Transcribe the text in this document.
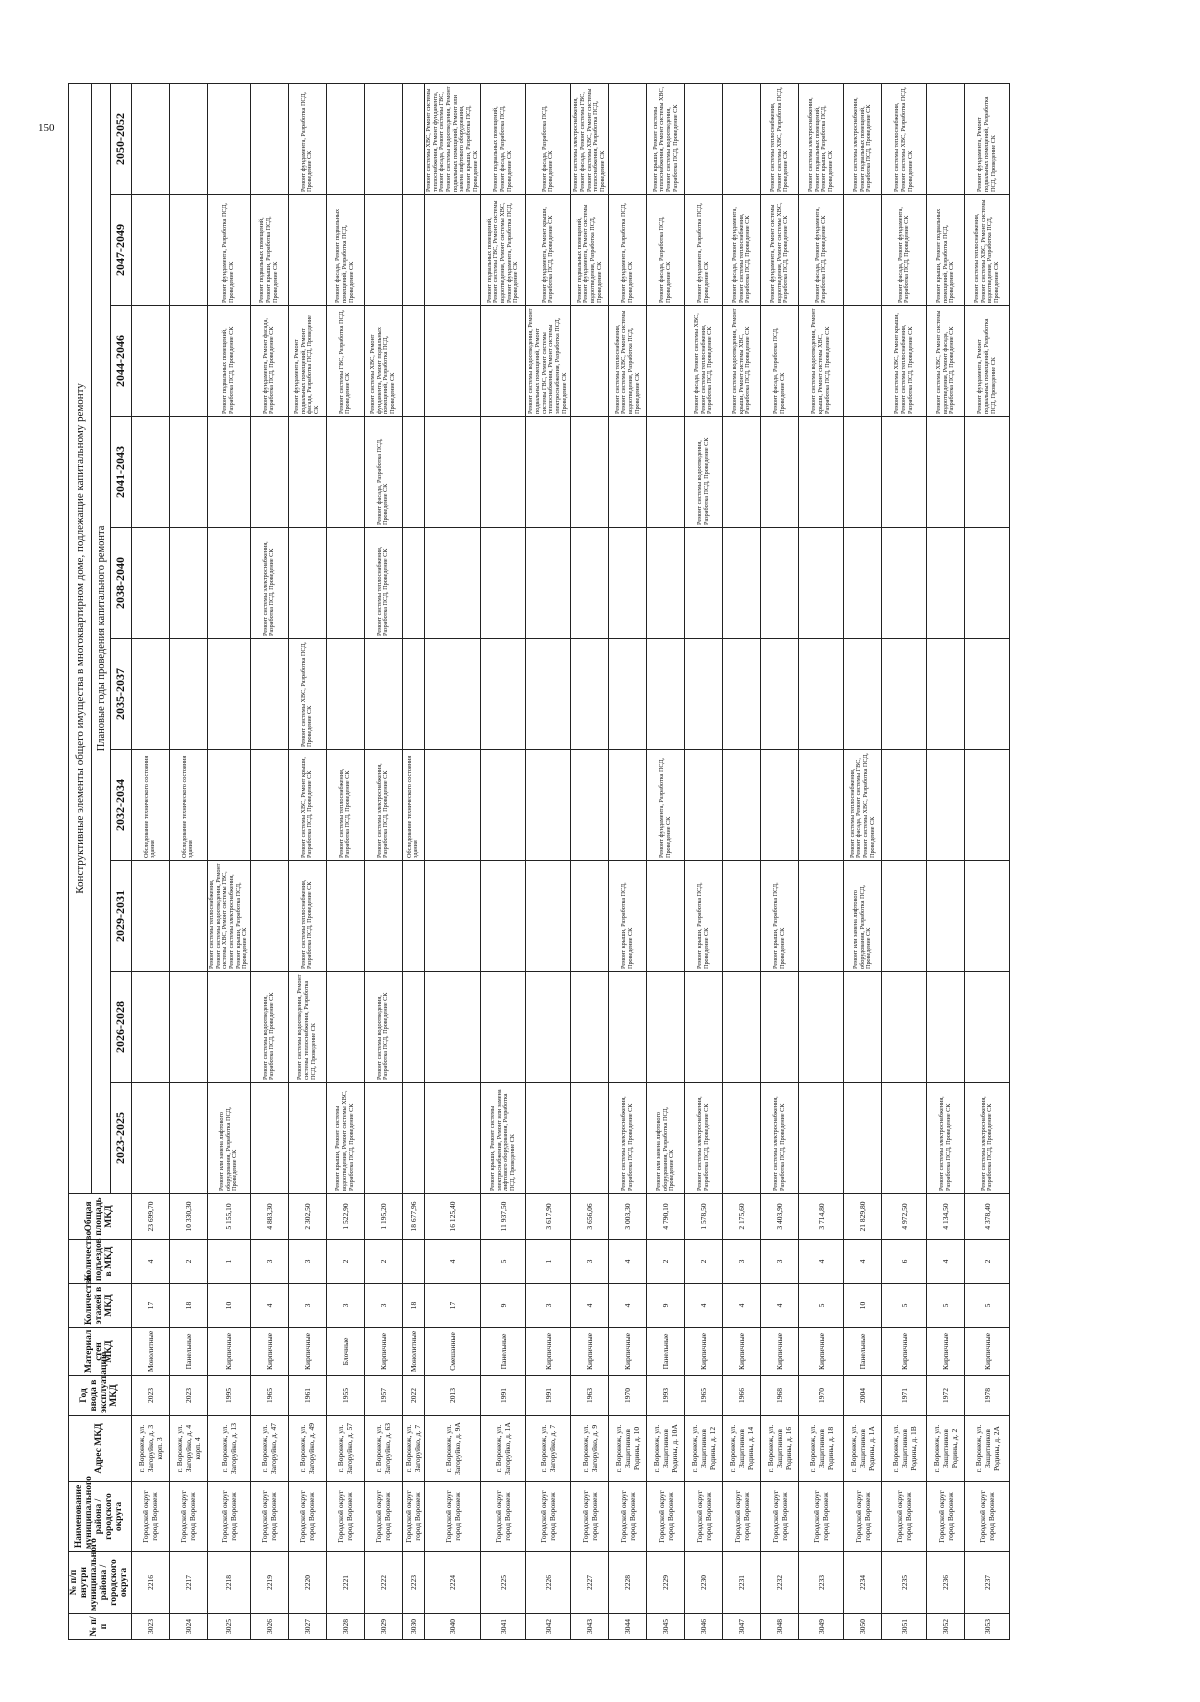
150
№ п/п	№ п/п внутри муниципального района / городского округа	Наименование муниципального района / городского округа	Адрес МКД	Год ввода в эксплуатацию МКД	Материал стен МКД	Количество этажей в МКД	Количество подъездов в МКД	Общая площадь МКД	Конструктивные элементы общего имущества в многоквартирном доме, подлежащие капитальному ремонту									
									Плановые годы проведения капитального ремонта									
									2023-2025	2026-2028	2029-2031	2032-2034	2035-2037	2038-2040	2041-2043	2044-2046	2047-2049	2050-2052
3023	2216	Городской округ город Воронеж	г. Воронеж, ул. Загоруйко, д. 3 корп. 3	2023	Монолитные	17	4	23 699,70				Обследование технического состояния здания						
3024	2217	Городской округ город Воронеж	г. Воронеж, ул. Загоруйко, д. 4 корп. 4	2023	Панельные	18	2	10 330,30				Обследование технического состояния здания						
3025	2218	Городской округ город Воронеж	г. Воронеж, ул. Загоруйко, д. 13	1995	Кирпичные	10	1	5 155,10	Ремонт или замена лифтового оборудования, Разработка ПСД, Проведение СК		Ремонт системы теплоснабжения, Ремонт системы водоотведения, Ремонт системы ХВС, Ремонт системы ГВС, Ремонт системы электроснабжения, Ремонт крыши, Разработка ПСД, Проведение СК					Ремонт подвальных помещений, Разработка ПСД, Проведение СК	Ремонт фундамента, Разработка ПСД, Проведение СК	
3026	2219	Городской округ город Воронеж	г. Воронеж, ул. Загоруйко, д. 47	1965	Кирпичные	4	3	4 883,30		Ремонт системы водоотведения, Разработка ПСД, Проведение СК				Ремонт системы электроснабжения, Разработка ПСД, Проведение СК		Ремонт фундамента, Ремонт фасада, Разработка ПСД, Проведение СК	Ремонт подвальных помещений, Ремонт крыши, Разработка ПСД, Проведение СК	
3027	2220	Городской округ город Воронеж	г. Воронеж, ул. Загоруйко, д. 49	1961	Кирпичные	3	3	2 302,50		Ремонт системы водоотведения, Ремонт системы теплоснабжения, Разработка ПСД, Проведение СК	Ремонт системы теплоснабжения, Разработка ПСД, Проведение СК	Ремонт системы ХВС, Ремонт крыши, Разработка ПСД, Проведение СК	Ремонт системы ХВС, Разработка ПСД, Проведение СК			Ремонт фундамента, Ремонт подвальных помещений, Ремонт фасада, Разработка ПСД, Проведение СК		Ремонт фундамента, Разработка ПСД, Проведение СК
3028	2221	Городской округ город Воронеж	г. Воронеж, ул. Загоруйко, д. 57	1955	Блочные	3	2	1 522,90	Ремонт крыши, Ремонт системы водоотведения, Ремонт системы ХВС, Разработка ПСД, Проведение СК			Ремонт системы теплоснабжения, Разработка ПСД, Проведение СК				Ремонт системы ГВС, Разработка ПСД, Проведение СК	Ремонт фасада, Ремонт подвальных помещений, Разработка ПСД, Проведение СК	
3029	2222	Городской округ город Воронеж	г. Воронеж, ул. Загоруйко, д. 63	1957	Кирпичные	3	2	1 195,20		Ремонт системы водоотведения, Разработка ПСД, Проведение СК		Ремонт системы электроснабжения, Разработка ПСД, Проведение СК		Ремонт системы теплоснабжения, Разработка ПСД, Проведение СК	Ремонт фасада, Разработка ПСД, Проведение СК	Ремонт системы ХВС, Ремонт фундамента, Ремонт подвальных помещений, Разработка ПСД, Проведение СК		
3030	2223	Городской округ город Воронеж	г. Воронеж, ул. Загоруйко, д. 7	2022	Монолитные	18		18 677,96				Обследование технического состояния здания						
3040	2224	Городской округ город Воронеж	г. Воронеж, ул. Загоруйко, д. 9А	2013	Смешанные	17	4	16 125,40										Ремонт системы ХВС, Ремонт системы теплоснабжения, Ремонт фундамента, Ремонт фасада, Ремонт системы ГВС, Ремонт системы водоотведения, Ремонт подвальных помещений, Ремонт или замена лифтового оборудования, Ремонт крыши, Разработка ПСД, Проведение СК
3041	2225	Городской округ город Воронеж	г. Воронеж, ул. Загоруйко, д. 1А	1991	Панельные	9	5	11 937,50	Ремонт крыши, Ремонт системы электроснабжения, Ремонт или замена лифтового оборудования, Разработка ПСД, Проведение СК								Ремонт подвальных помещений, Ремонт системы ГВС, Ремонт системы водоотведения, Ремонт системы ХВС, Ремонт фундамента, Разработка ПСД, Проведение СК	Ремонт подвальных помещений, Ремонт фасада, Разработка ПСД, Проведение СК
3042	2226	Городской округ город Воронеж	г. Воронеж, ул. Загоруйко, д. 7	1991	Кирпичные	3	1	3 617,90								Ремонт системы водоотведения, Ремонт подвальных помещений, Ремонт системы ГВС, Ремонт системы теплоснабжения, Ремонт системы электроснабжения, Разработка ПСД, Проведение СК	Ремонт фундамента, Ремонт крыши, Разработка ПСД, Проведение СК	Ремонт фасада, Разработка ПСД, Проведение СК
3043	2227	Городской округ город Воронеж	г. Воронеж, ул. Загоруйко, д. 9	1963	Кирпичные	4	3	3 656,06									Ремонт подвальных помещений, Ремонт фундамента, Ремонт системы водоотведения, Разработка ПСД, Проведение СК	Ремонт системы электроснабжения, Ремонт фасада, Ремонт системы ГВС, Ремонт системы ХВС, Ремонт системы теплоснабжения, Разработка ПСД, Проведение СК
3044	2228	Городской округ город Воронеж	г. Воронеж, ул. Защитников Родины, д. 10	1970	Кирпичные	4	4	3 003,30	Ремонт системы электроснабжения, Разработка ПСД, Проведение СК		Ремонт крыши, Разработка ПСД, Проведение СК					Ремонт системы теплоснабжения, Ремонт системы ХВС, Ремонт системы водоотведения, Разработка ПСД, Проведение СК	Ремонт фундамента, Разработка ПСД, Проведение СК	
3045	2229	Городской округ город Воронеж	г. Воронеж, ул. Защитников Родины, д. 10А	1993	Панельные	9	2	4 790,10	Ремонт или замена лифтового оборудования, Разработка ПСД, Проведение СК			Ремонт фундамента, Разработка ПСД, Проведение СК					Ремонт фасада, Разработка ПСД, Проведение СК	Ремонт крыши, Ремонт системы теплоснабжения, Ремонт системы ХВС, Ремонт системы водоотведения, Разработка ПСД, Проведение СК
3046	2230	Городской округ город Воронеж	г. Воронеж, ул. Защитников Родины, д. 12	1965	Кирпичные	4	2	1 578,50	Ремонт системы электроснабжения, Разработка ПСД, Проведение СК		Ремонт крыши, Разработка ПСД, Проведение СК				Ремонт системы водоотведения, Разработка ПСД, Проведение СК	Ремонт фасада, Ремонт системы ХВС, Ремонт системы теплоснабжения, Разработка ПСД, Проведение СК	Ремонт фундамента, Разработка ПСД, Проведение СК	
3047	2231	Городской округ город Воронеж	г. Воронеж, ул. Защитников Родины, д. 14	1966	Кирпичные	4	3	2 175,60								Ремонт системы водоотведения, Ремонт крыши, Ремонт системы ХВС, Разработка ПСД, Проведение СК	Ремонт фасада, Ремонт фундамента, Ремонт системы теплоснабжения, Разработка ПСД, Проведение СК	
3048	2232	Городской округ город Воронеж	г. Воронеж, ул. Защитников Родины, д. 16	1968	Кирпичные	4	3	3 403,90	Ремонт системы электроснабжения, Разработка ПСД, Проведение СК		Ремонт крыши, Разработка ПСД, Проведение СК					Ремонт фасада, Разработка ПСД, Проведение СК	Ремонт фундамента, Ремонт системы водоотведения, Ремонт системы ХВС, Разработка ПСД, Проведение СК	Ремонт системы теплоснабжения, Ремонт системы ХВС, Разработка ПСД, Проведение СК
3049	2233	Городской округ город Воронеж	г. Воронеж, ул. Защитников Родины, д. 18	1970	Кирпичные	5	4	3 714,80								Ремонт системы водоотведения, Ремонт крыши, Ремонт системы ХВС, Разработка ПСД, Проведение СК	Ремонт фасада, Ремонт фундамента, Разработка ПСД, Проведение СК	Ремонт системы электроснабжения, Ремонт подвальных помещений, Ремонт крыши, Разработка ПСД, Проведение СК
3050	2234	Городской округ город Воронеж	г. Воронеж, ул. Защитников Родины, д. 1А	2004	Панельные	10	4	21 829,80			Ремонт или замена лифтового оборудования, Разработка ПСД, Проведение СК	Ремонт системы теплоснабжения, Ремонт фасада, Ремонт системы ГВС, Ремонт системы ХВС, Разработка ПСД, Проведение СК						Ремонт системы электроснабжения, Ремонт подвальных помещений, Разработка ПСД, Проведение СК
3051	2235	Городской округ город Воронеж	г. Воронеж, ул. Защитников Родины, д. 1В	1971	Кирпичные	5	6	4 972,50								Ремонт системы ХВС, Ремонт крыши, Ремонт системы теплоснабжения, Разработка ПСД, Проведение СК	Ремонт фасада, Ремонт фундамента, Разработка ПСД, Проведение СК	Ремонт системы теплоснабжения, Ремонт системы ХВС, Разработка ПСД, Проведение СК
3052	2236	Городской округ город Воронеж	г. Воронеж, ул. Защитников Родины, д. 2	1972	Кирпичные	5	4	4 134,50	Ремонт системы электроснабжения, Разработка ПСД, Проведение СК							Ремонт системы ХВС, Ремонт системы водоотведения, Ремонт фасада, Разработка ПСД, Проведение СК	Ремонт крыши, Ремонт подвальных помещений, Разработка ПСД, Проведение СК	
3053	2237	Городской округ город Воронеж	г. Воронеж, ул. Защитников Родины, д. 2А	1978	Кирпичные	5	2	4 378,40	Ремонт системы электроснабжения, Разработка ПСД, Проведение СК							Ремонт фундамента, Ремонт подвальных помещений, Разработка ПСД, Проведение СК	Ремонт системы теплоснабжения, Ремонт системы ХВС, Ремонт системы водоотведения, Разработка ПСД, Проведение СК	Ремонт фундамента, Ремонт подвальных помещений, Разработка ПСД, Проведение СК
